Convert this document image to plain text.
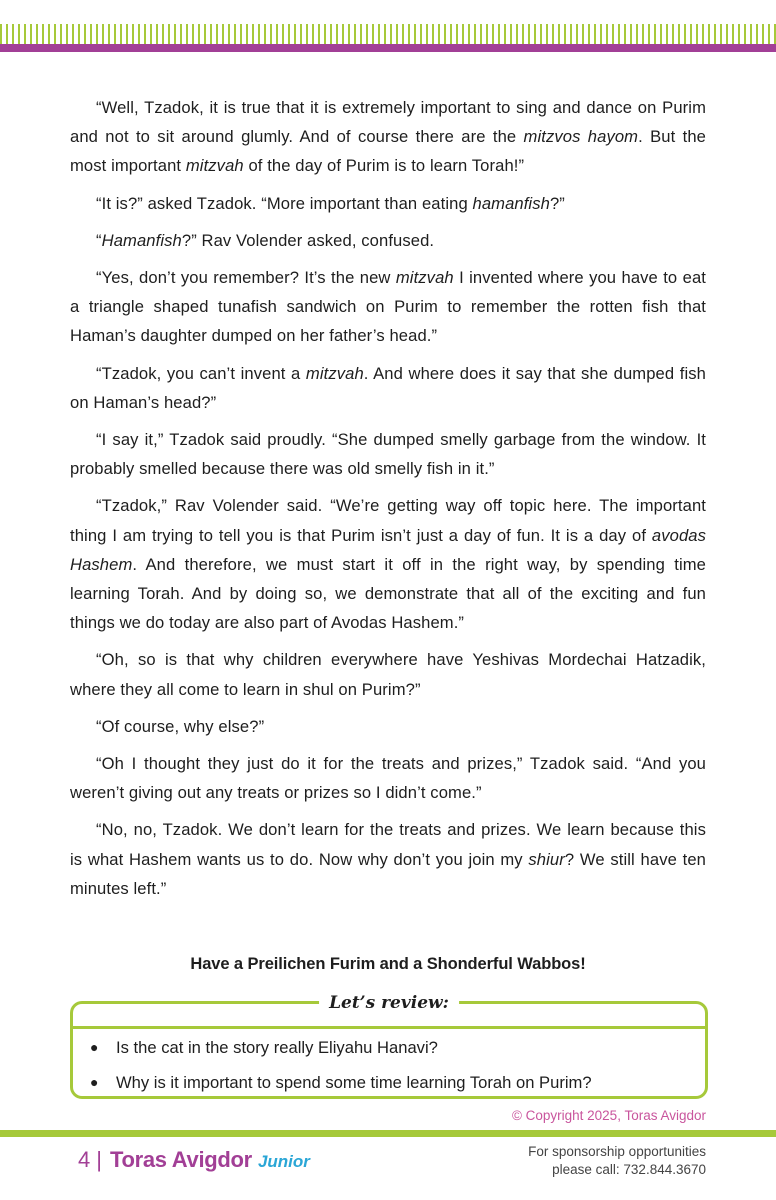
“Well, Tzadok, it is true that it is extremely important to sing and dance on Purim and not to sit around glumly. And of course there are the mitzvos hayom. But the most important mitzvah of the day of Purim is to learn Torah!”

“It is?” asked Tzadok. “More important than eating hamanfish?”

“Hamanfish?” Rav Volender asked, confused.

“Yes, don’t you remember? It’s the new mitzvah I invented where you have to eat a triangle shaped tunafish sandwich on Purim to remember the rotten fish that Haman’s daughter dumped on her father’s head.”

“Tzadok, you can’t invent a mitzvah. And where does it say that she dumped fish on Haman’s head?”

“I say it,” Tzadok said proudly. “She dumped smelly garbage from the window. It probably smelled because there was old smelly fish in it.”

“Tzadok,” Rav Volender said. “We’re getting way off topic here. The important thing I am trying to tell you is that Purim isn’t just a day of fun. It is a day of avodas Hashem. And therefore, we must start it off in the right way, by spending time learning Torah. And by doing so, we demonstrate that all of the exciting and fun things we do today are also part of Avodas Hashem.”

“Oh, so is that why children everywhere have Yeshivas Mordechai Hatzadik, where they all come to learn in shul on Purim?”

“Of course, why else?”

“Oh I thought they just do it for the treats and prizes,” Tzadok said. “And you weren’t giving out any treats or prizes so I didn’t come.”

“No, no, Tzadok. We don’t learn for the treats and prizes. We learn because this is what Hashem wants us to do. Now why don’t you join my shiur? We still have ten minutes left.”

Have a Preilichen Furim and a Shonderful Wabbos!
Let’s review:
● Is the cat in the story really Eliyahu Hanavi?
● Why is it important to spend some time learning Torah on Purim?
© Copyright 2025, Toras Avigdor
4 | Toras Avigdor Junior
For sponsorship opportunities
please call: 732.844.3670
